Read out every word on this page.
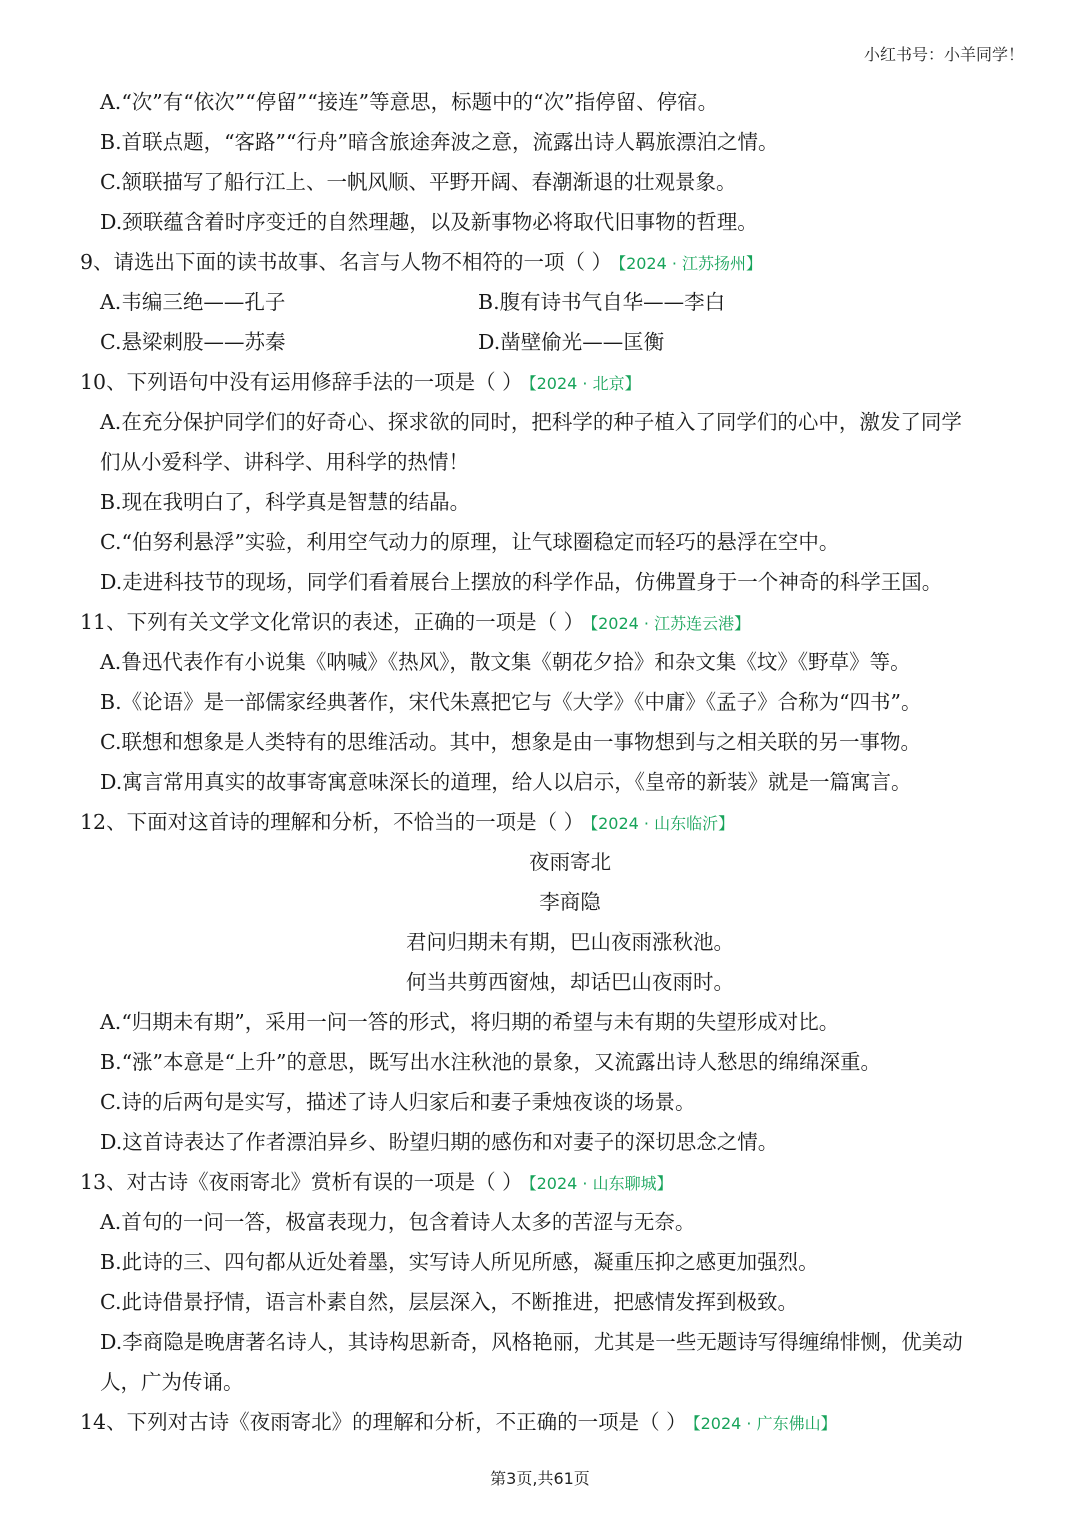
小红书号：小羊同学！
A.“次”有“依次”“停留”“接连”等意思，标题中的“次”指停留、停宿。
B.首联点题，“客路”“行舟”暗含旅途奔波之意，流露出诗人羁旅漂泊之情。
C.颔联描写了船行江上、一帆风顺、平野开阔、春潮渐退的壮观景象。
D.颈联蕴含着时序变迁的自然理趣，以及新事物必将取代旧事物的哲理。
9、请选出下面的读书故事、名言与人物不相符的一项（ ） 【2024 · 江苏扬州】
A.韦编三绝——孔子	B.腹有诗书气自华——李白
C.悬梁刺股——苏秦	D.凿壁偷光——匡衡
10、下列语句中没有运用修辞手法的一项是（ ） 【2024 · 北京】
A.在充分保护同学们的好奇心、探求欲的同时，把科学的种子植入了同学们的心中，激发了同学
们从小爱科学、讲科学、用科学的热情！
B.现在我明白了，科学真是智慧的结晶。
C.“伯努利悬浮”实验，利用空气动力的原理，让气球圈稳定而轻巧的悬浮在空中。
D.走进科技节的现场，同学们看着展台上摆放的科学作品，仿佛置身于一个神奇的科学王国。
11、下列有关文学文化常识的表述，正确的一项是（ ） 【2024 · 江苏连云港】
A.鲁迅代表作有小说集《呐喊》《热风》，散文集《朝花夕拾》和杂文集《坟》《野草》等。
B.《论语》是一部儒家经典著作，宋代朱熹把它与《大学》《中庸》《孟子》合称为“四书”。
C.联想和想象是人类特有的思维活动。其中，想象是由一事物想到与之相关联的另一事物。
D.寓言常用真实的故事寄寓意味深长的道理，给人以启示，《皇帝的新装》就是一篇寓言。
12、下面对这首诗的理解和分析，不恰当的一项是（ ） 【2024 · 山东临沂】
夜雨寄北
李商隐
君问归期未有期，巴山夜雨涨秋池。
何当共剪西窗烛，却话巴山夜雨时。
A.“归期未有期”，采用一问一答的形式，将归期的希望与未有期的失望形成对比。
B.“涨”本意是“上升”的意思，既写出水注秋池的景象，又流露出诗人愁思的绵绵深重。
C.诗的后两句是实写，描述了诗人归家后和妻子秉烛夜谈的场景。
D.这首诗表达了作者漂泊异乡、盼望归期的感伤和对妻子的深切思念之情。
13、对古诗《夜雨寄北》赏析有误的一项是（ ） 【2024 · 山东聊城】
A.首句的一问一答，极富表现力，包含着诗人太多的苦涩与无奈。
B.此诗的三、四句都从近处着墨，实写诗人所见所感，凝重压抑之感更加强烈。
C.此诗借景抒情，语言朴素自然，层层深入，不断推进，把感情发挥到极致。
D.李商隐是晚唐著名诗人，其诗构思新奇，风格艳丽，尤其是一些无题诗写得缠绵悱恻，优美动
人，广为传诵。
14、下列对古诗《夜雨寄北》的理解和分析，不正确的一项是（ ） 【2024 · 广东佛山】
第3页,共61页
